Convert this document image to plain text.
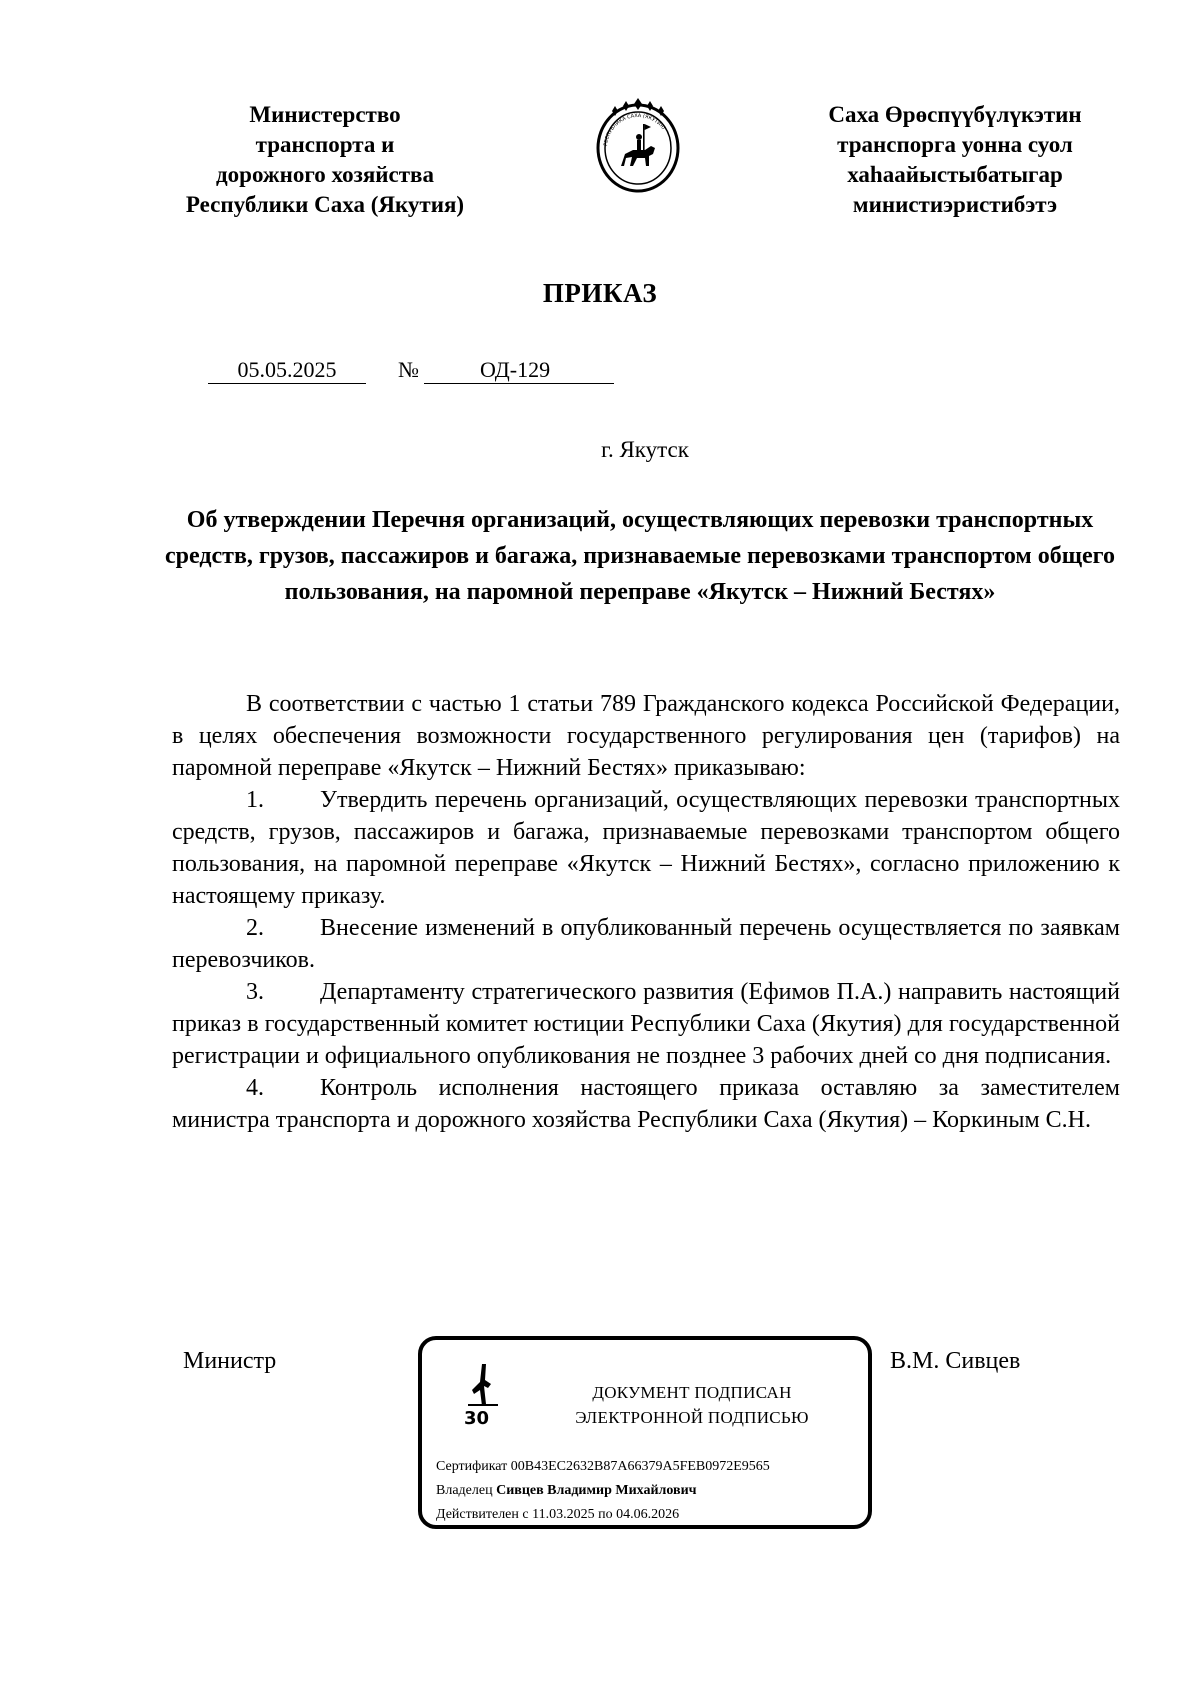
Министерство
транспорта и
дорожного хозяйства
Республики Саха (Якутия)
РЕСПУБЛИКА САХА (ЯКУТИЯ)
Саха Өрөспүүбүлүкэтин
транспорга уонна суол
хаһаайыстыбатыгар
министиэристибэтэ
ПРИКАЗ
05.05.2025	№	ОД-129
г. Якутск
Об утверждении Перечня организаций, осуществляющих перевозки транспортных средств, грузов, пассажиров и багажа, признаваемые перевозками транспортом общего пользования, на паромной переправе «Якутск – Нижний Бестях»

В соответствии с частью 1 статьи 789 Гражданского кодекса Российской Федерации, в целях обеспечения возможности государственного регулирования цен (тарифов) на паромной переправе «Якутск – Нижний Бестях» приказываю:

1. Утвердить перечень организаций, осуществляющих перевозки транспортных средств, грузов, пассажиров и багажа, признаваемые перевозками транспортом общего пользования, на паромной переправе «Якутск – Нижний Бестях», согласно приложению к настоящему приказу.

2. Внесение изменений в опубликованный перечень осуществляется по заявкам перевозчиков.

3. Департаменту стратегического развития (Ефимов П.А.) направить настоящий приказ в государственный комитет юстиции Республики Саха (Якутия) для государственной регистрации и официального опубликования не позднее 3 рабочих дней со дня подписания.

4. Контроль исполнения настоящего приказа оставляю за заместителем министра транспорта и дорожного хозяйства Республики Саха (Якутия) – Коркиным С.Н.

Министр	В.М. Сивцев
30
ДОКУМЕНТ ПОДПИСАН
ЭЛЕКТРОННОЙ ПОДПИСЬЮ
Сертификат 00B43EC2632B87A66379A5FEB0972E9565
Владелец Сивцев Владимир Михайлович
Действителен с 11.03.2025 по 04.06.2026
